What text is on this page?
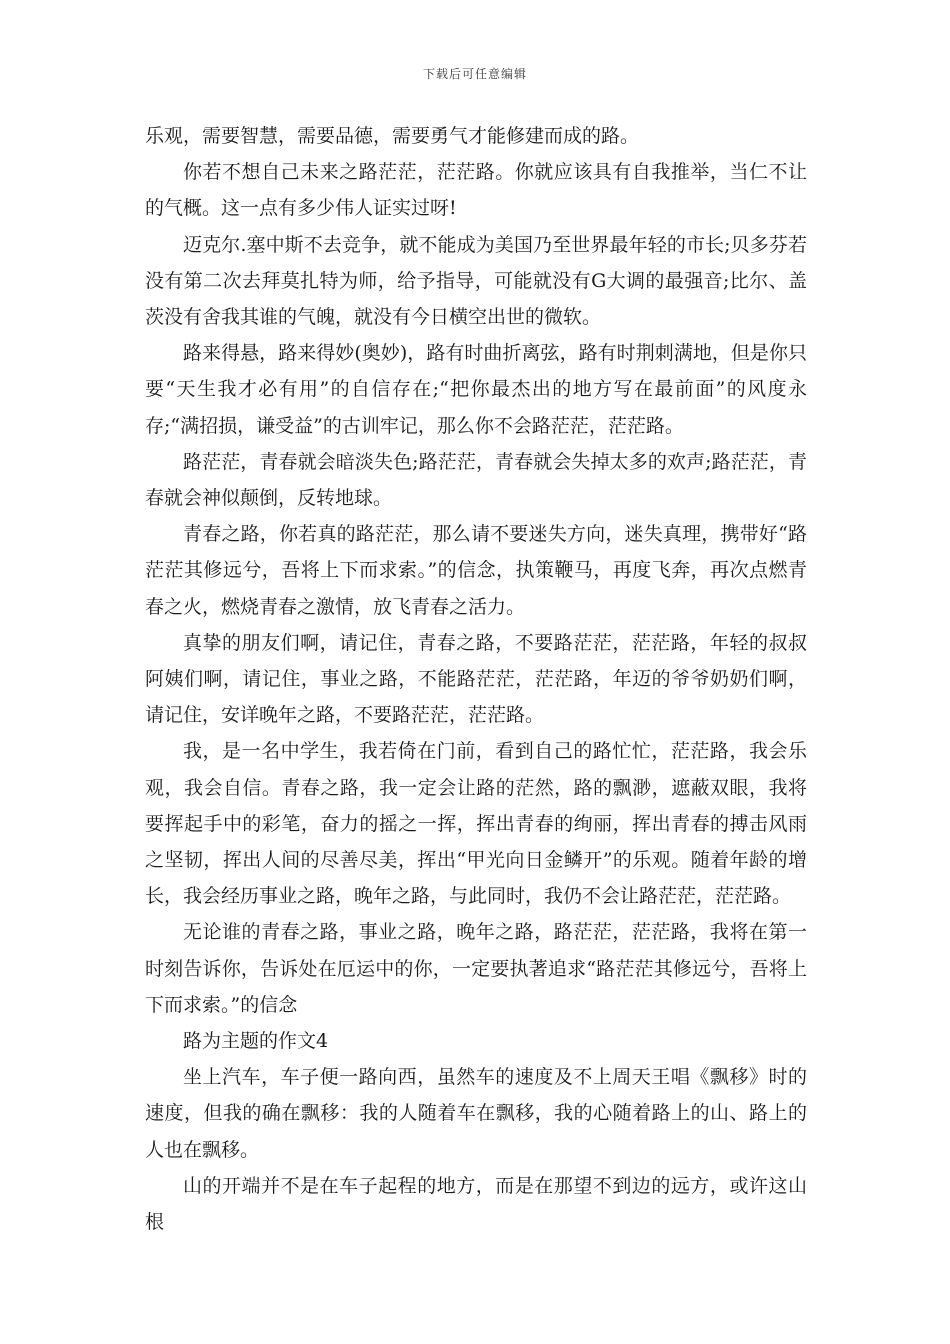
下载后可任意编辑

乐观，需要智慧，需要品德，需要勇气才能修建而成的路。

你若不想自己未来之路茫茫，茫茫路。你就应该具有自我推举，当仁不让的气概。这一点有多少伟人证实过呀!

迈克尔.塞中斯不去竞争，就不能成为美国乃至世界最年轻的市长;贝多芬若没有第二次去拜莫扎特为师，给予指导，可能就没有G大调的最强音;比尔、盖茨没有舍我其谁的气魄，就没有今日横空出世的微软。

路来得悬，路来得妙(奥妙)，路有时曲折离弦，路有时荆刺满地，但是你只要“天生我才必有用”的自信存在;“把你最杰出的地方写在最前面”的风度永存;“满招损，谦受益”的古训牢记，那么你不会路茫茫，茫茫路。

路茫茫，青春就会暗淡失色;路茫茫，青春就会失掉太多的欢声;路茫茫，青春就会神似颠倒，反转地球。

青春之路，你若真的路茫茫，那么请不要迷失方向，迷失真理，携带好“路茫茫其修远兮，吾将上下而求索。”的信念，执策鞭马，再度飞奔，再次点燃青春之火，燃烧青春之激情，放飞青春之活力。

真挚的朋友们啊，请记住，青春之路，不要路茫茫，茫茫路，年轻的叔叔阿姨们啊，请记住，事业之路，不能路茫茫，茫茫路，年迈的爷爷奶奶们啊，请记住，安详晚年之路，不要路茫茫，茫茫路。

我，是一名中学生，我若倚在门前，看到自己的路忙忙，茫茫路，我会乐观，我会自信。青春之路，我一定会让路的茫然，路的飘渺，遮蔽双眼，我将要挥起手中的彩笔，奋力的摇之一挥，挥出青春的绚丽，挥出青春的搏击风雨之坚韧，挥出人间的尽善尽美，挥出“甲光向日金鳞开”的乐观。随着年龄的增长，我会经历事业之路，晚年之路，与此同时，我仍不会让路茫茫，茫茫路。

无论谁的青春之路，事业之路，晚年之路，路茫茫，茫茫路，我将在第一时刻告诉你，告诉处在厄运中的你，一定要执著追求“路茫茫其修远兮，吾将上下而求索。”的信念

路为主题的作文4

坐上汽车，车子便一路向西，虽然车的速度及不上周天王唱《飘移》时的速度，但我的确在飘移：我的人随着车在飘移，我的心随着路上的山、路上的人也在飘移。

山的开端并不是在车子起程的地方，而是在那望不到边的远方，或许这山根
